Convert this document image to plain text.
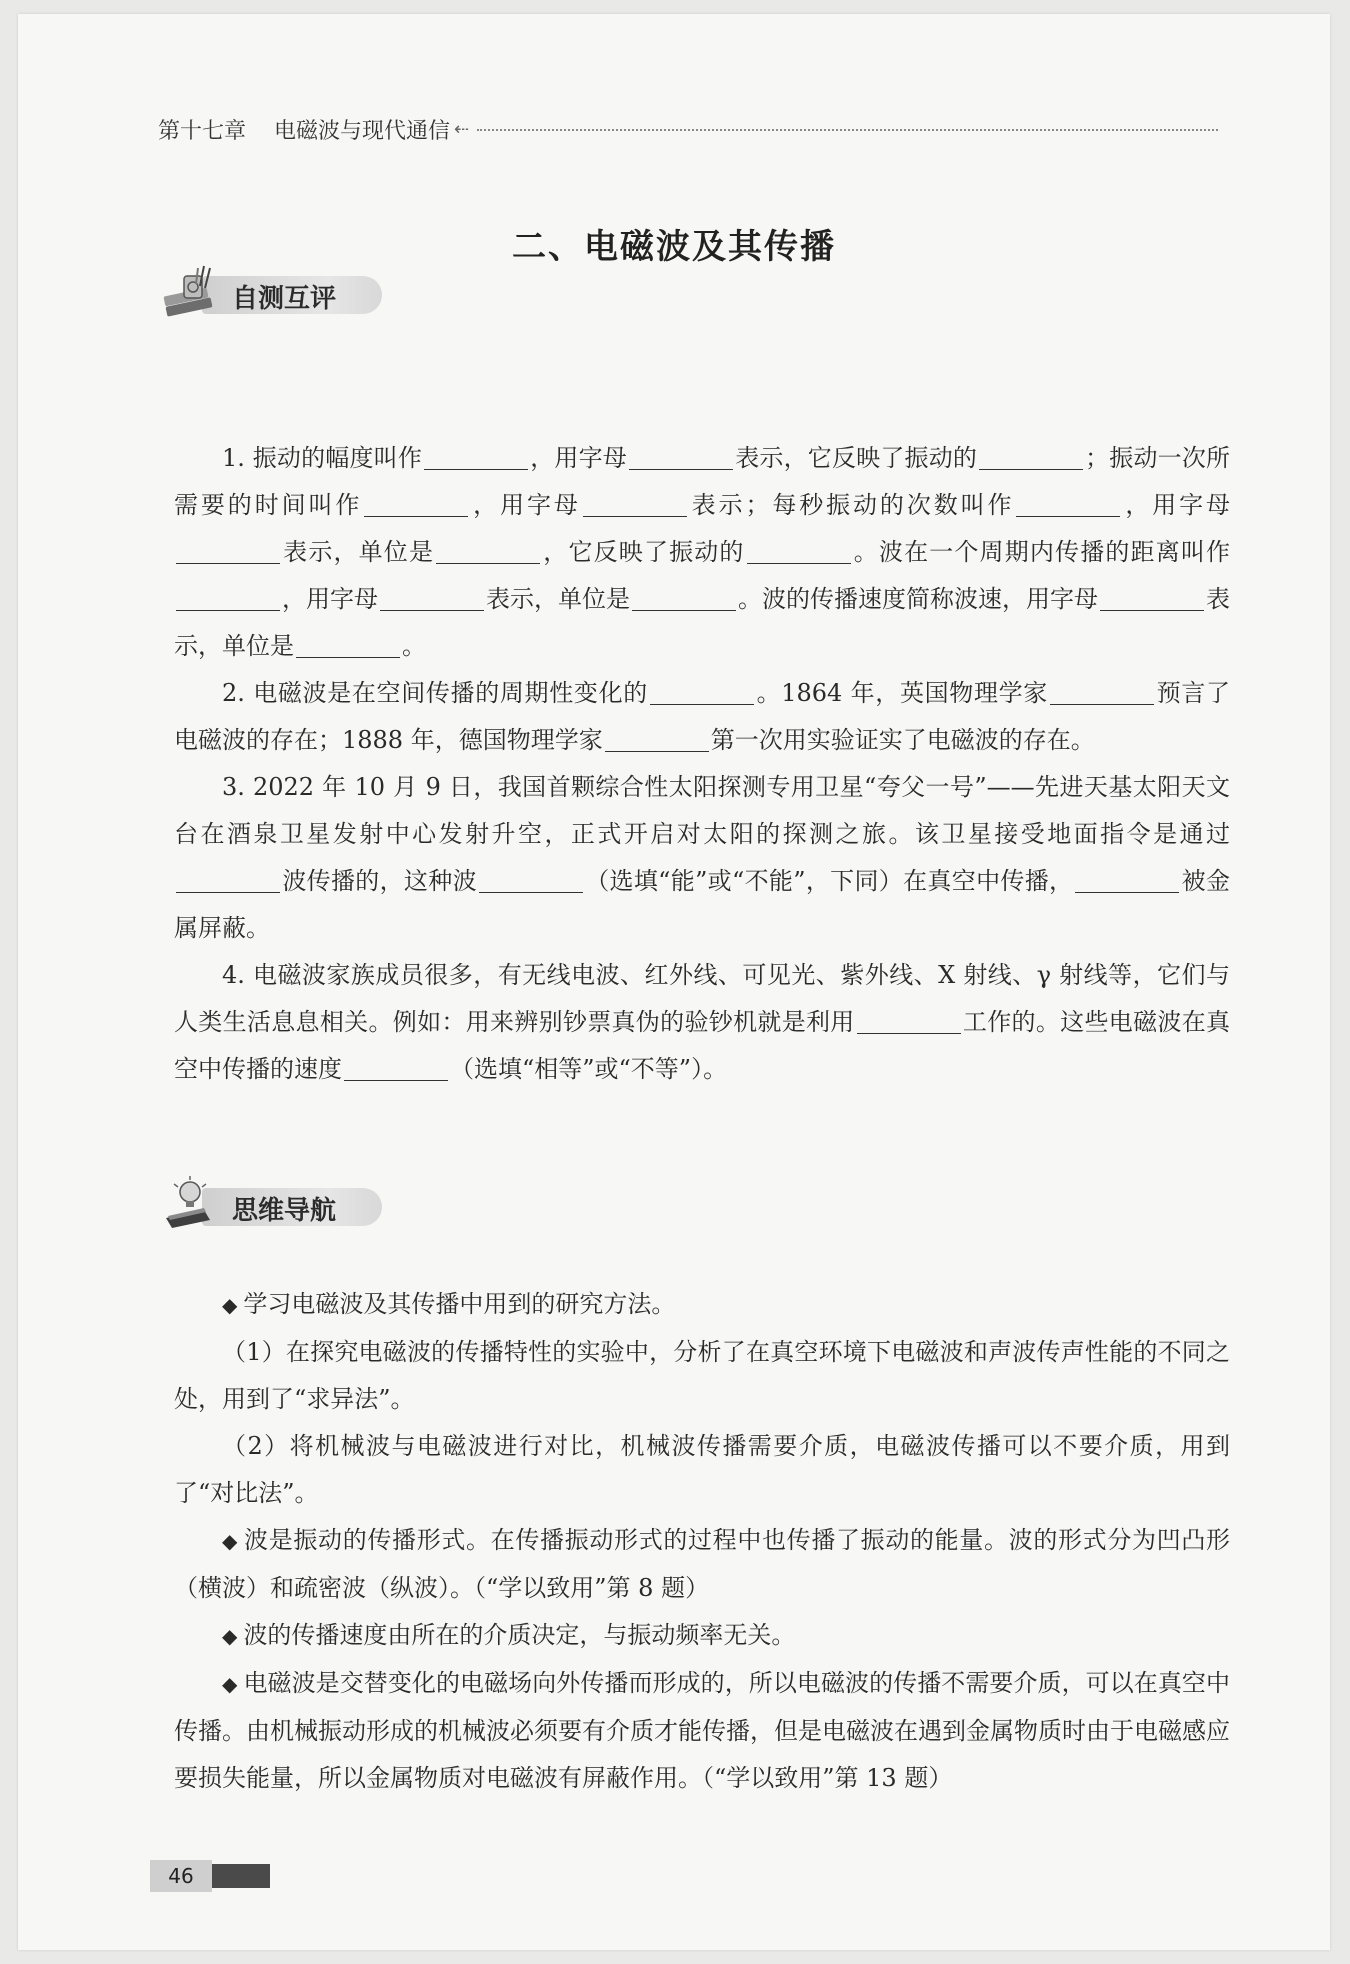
第十七章 电磁波与现代通信 ⇠
二、电磁波及其传播
自测互评

1. 振动的幅度叫作	，用字母	表示，它反映了振动的	；振动一次所需要的时间叫作	，用字母	表示；每秒振动的次数叫作	，用字母表示，单位是	，它反映了振动的	。波在一个周期内传播的距离叫作，用字母	表示，单位是	。波的传播速度简称波速，用字母	表示，单位是	。

2. 电磁波是在空间传播的周期性变化的	。1864 年，英国物理学家	预言了电磁波的存在；1888 年，德国物理学家	第一次用实验证实了电磁波的存在。

3. 2022 年 10 月 9 日，我国首颗综合性太阳探测专用卫星“夸父一号”——先进天基太阳天文台在酒泉卫星发射中心发射升空，正式开启对太阳的探测之旅。该卫星接受地面指令是通过波传播的，这种波	（选填“能”或“不能”，下同）在真空中传播，	被金属屏蔽。

4. 电磁波家族成员很多，有无线电波、红外线、可见光、紫外线、X 射线、γ 射线等，它们与人类生活息息相关。例如：用来辨别钞票真伪的验钞机就是利用	工作的。这些电磁波在真空中传播的速度	（选填“相等”或“不等”）。

思维导航

◆ 学习电磁波及其传播中用到的研究方法。

（1）在探究电磁波的传播特性的实验中，分析了在真空环境下电磁波和声波传声性能的不同之处，用到了“求异法”。

（2）将机械波与电磁波进行对比，机械波传播需要介质，电磁波传播可以不要介质，用到了“对比法”。

◆ 波是振动的传播形式。在传播振动形式的过程中也传播了振动的能量。波的形式分为凹凸形（横波）和疏密波（纵波）。（“学以致用”第 8 题）

◆ 波的传播速度由所在的介质决定，与振动频率无关。

◆ 电磁波是交替变化的电磁场向外传播而形成的，所以电磁波的传播不需要介质，可以在真空中传播。由机械振动形成的机械波必须要有介质才能传播，但是电磁波在遇到金属物质时由于电磁感应要损失能量，所以金属物质对电磁波有屏蔽作用。（“学以致用”第 13 题）

46
